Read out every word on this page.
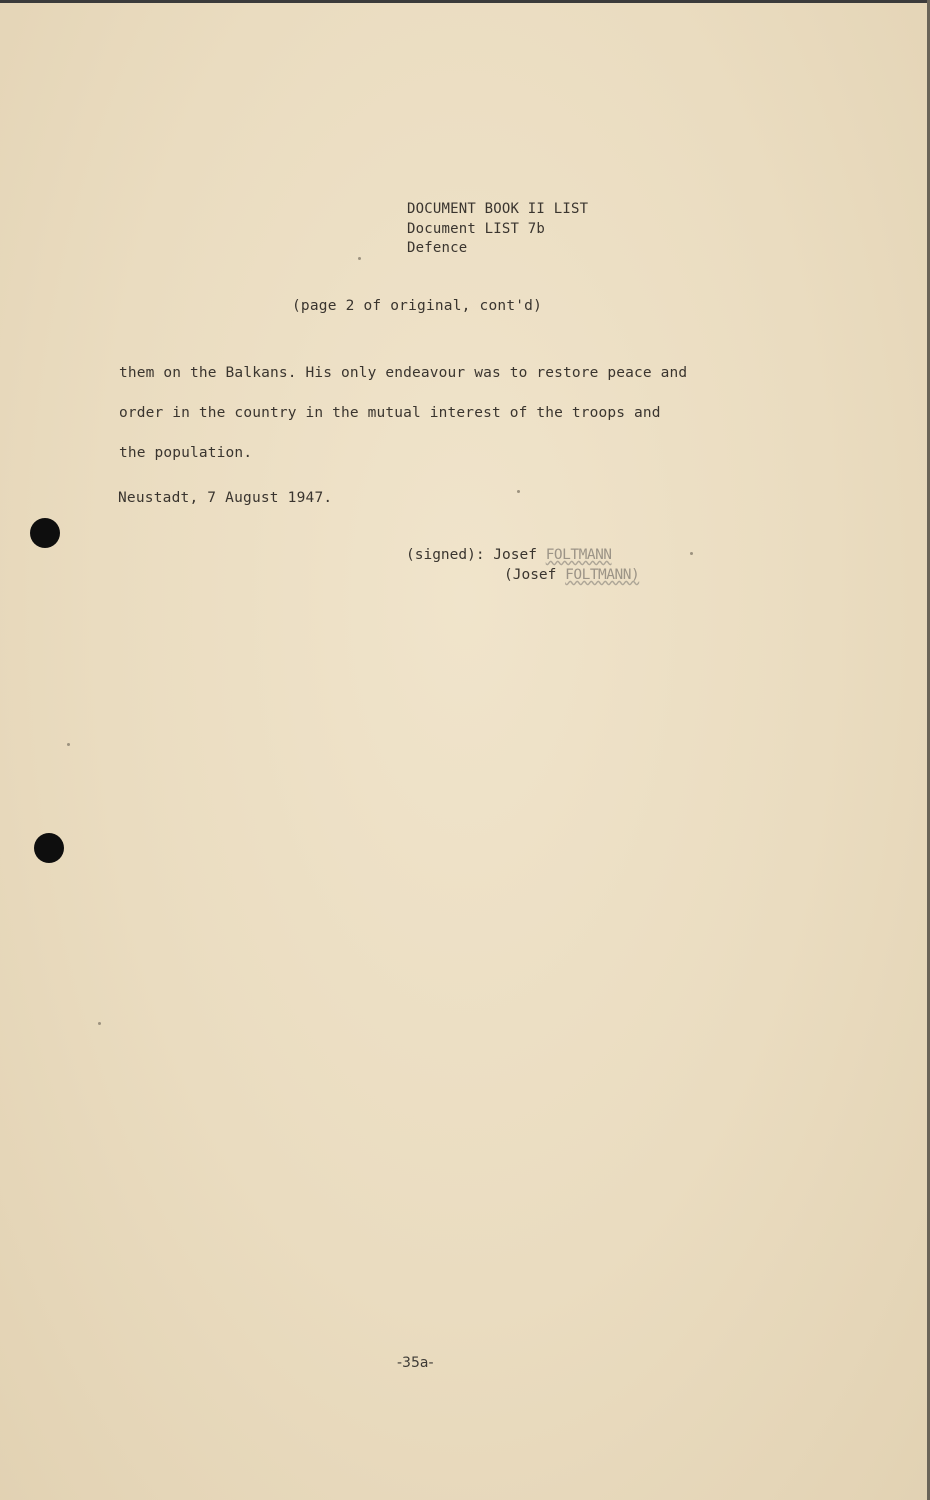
DOCUMENT BOOK II LIST
Document LIST 7b
Defence
(page 2 of original, cont'd)
them on the Balkans. His only endeavour was to restore peace and
order in the country in the mutual interest of the troops and
the population.
Neustadt, 7 August 1947.
(signed): Josef FOLTMANN
(Josef FOLTMANN)
-35a-
